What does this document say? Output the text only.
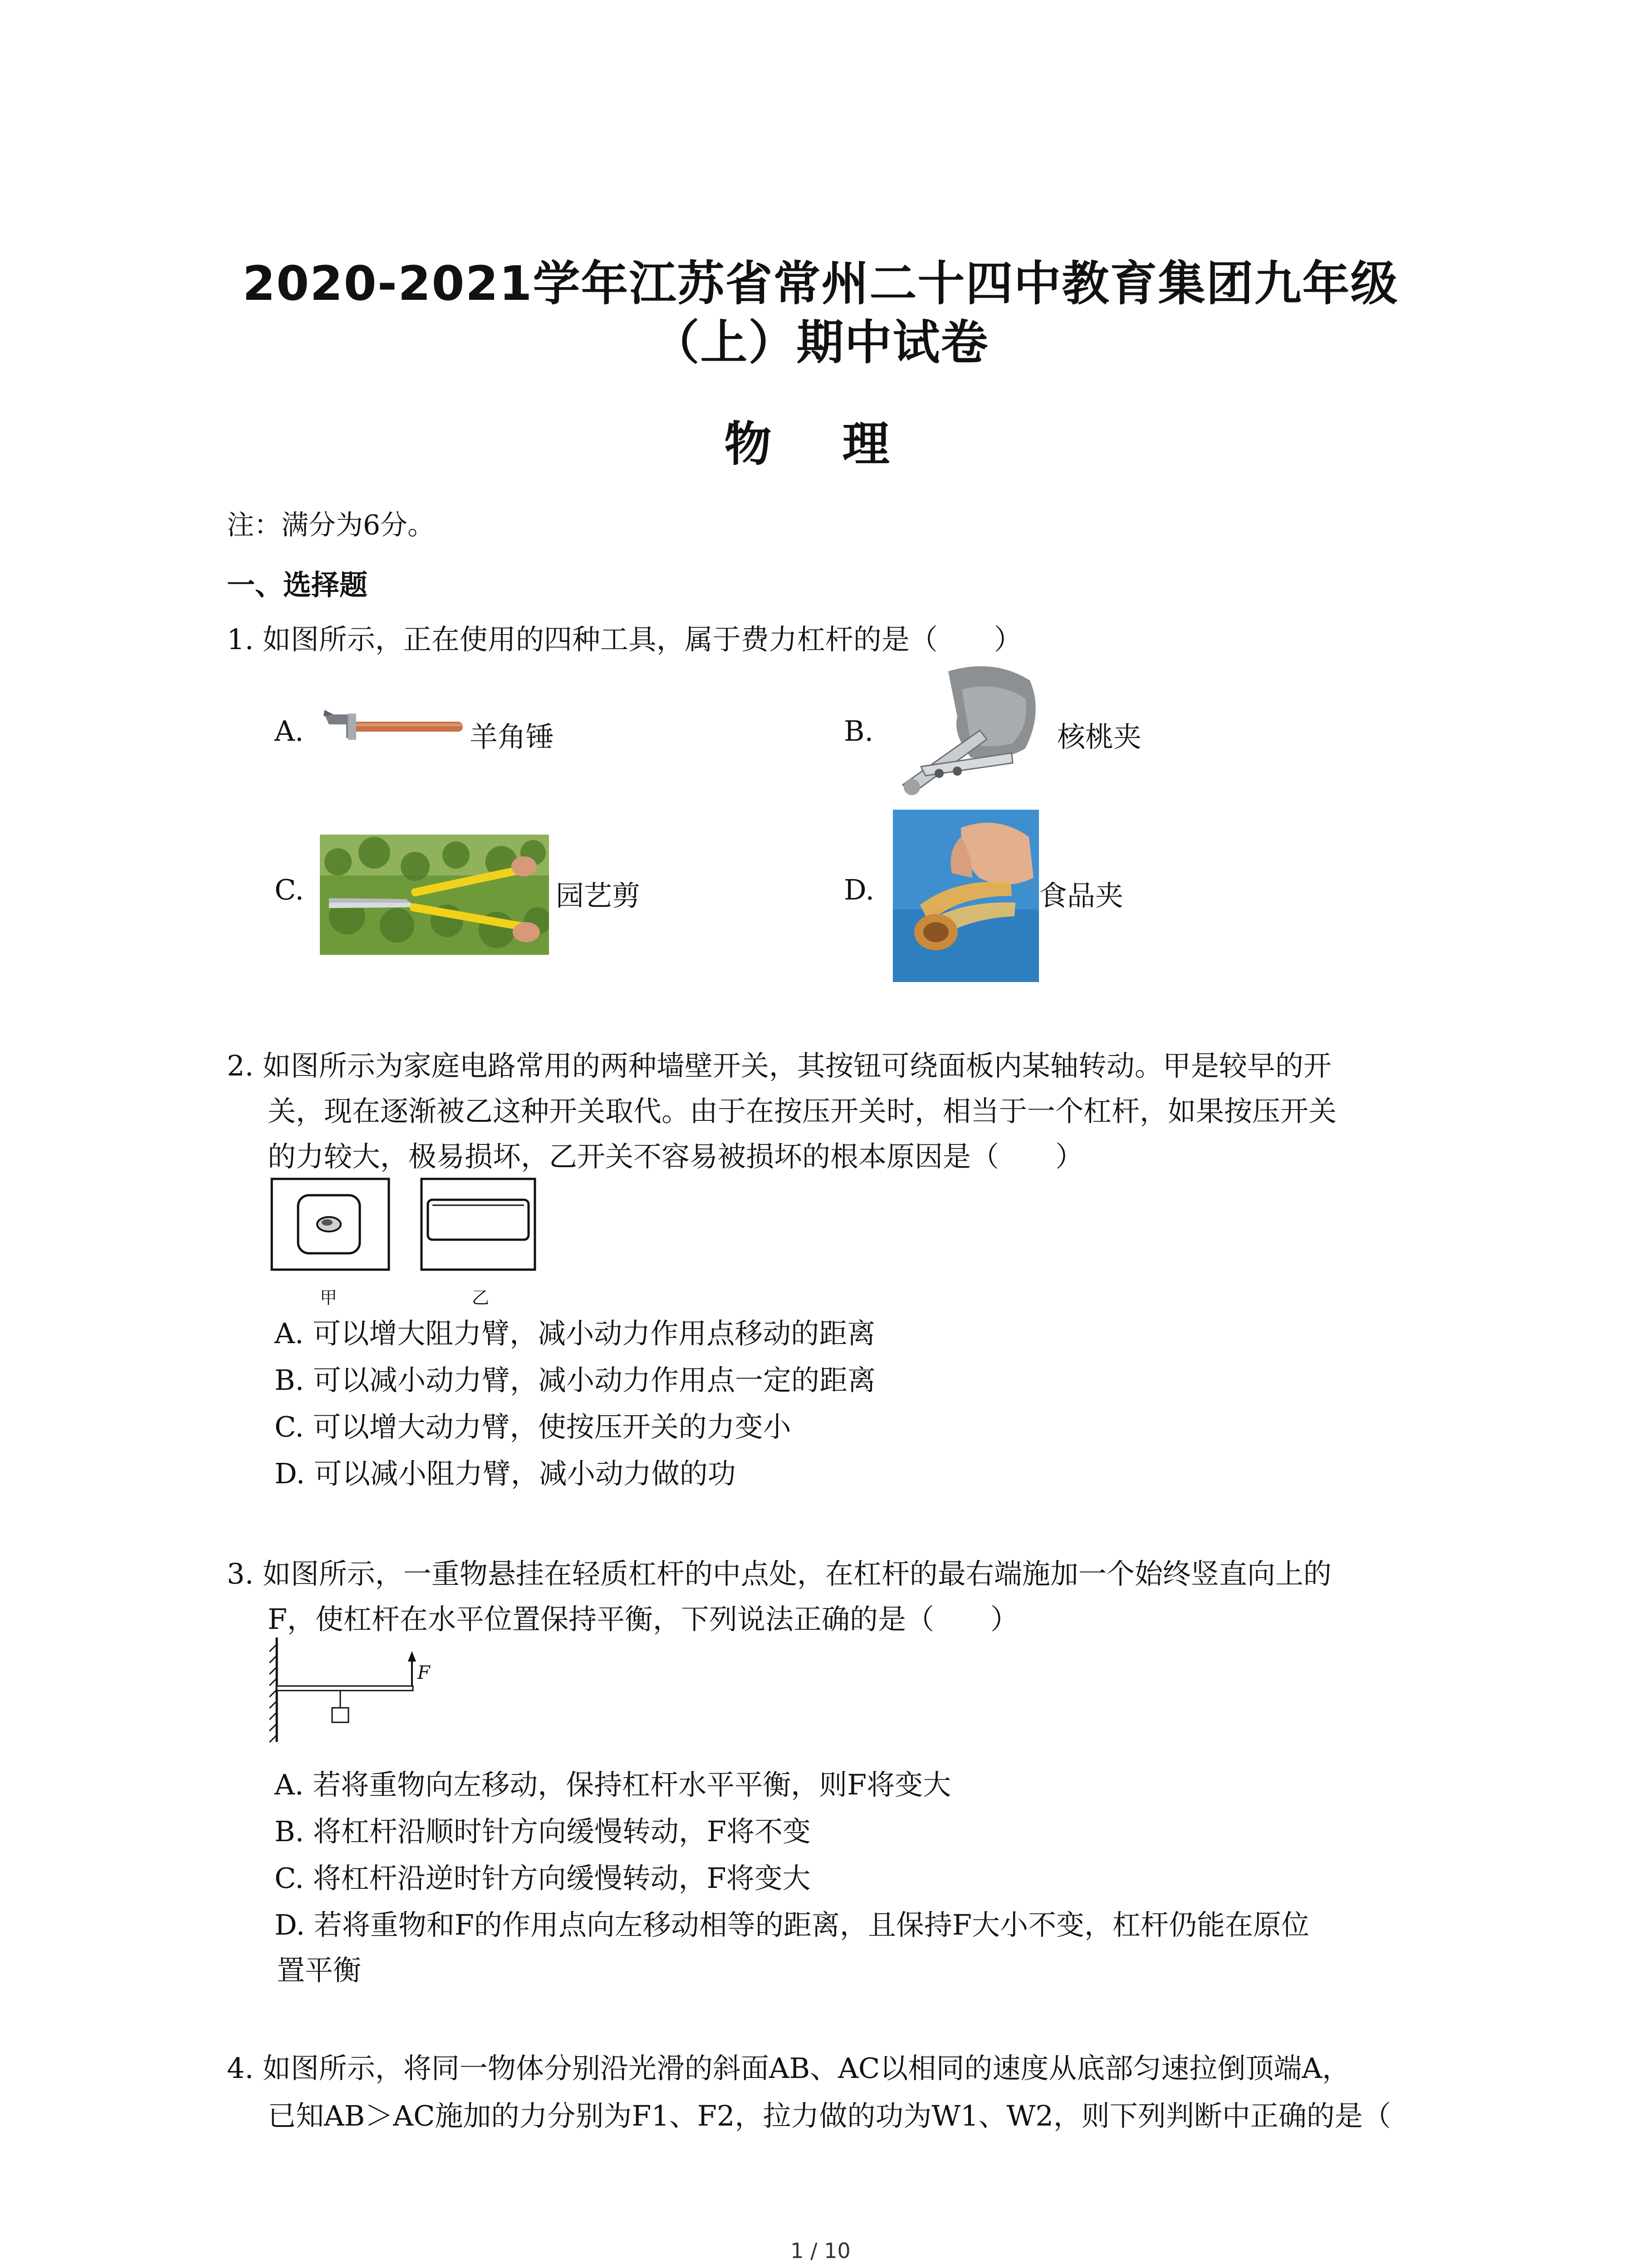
2020-2021学年江苏省常州二十四中教育集团九年级
（上）期中试卷
物 理
注：满分为6分。
一、选择题
1. 如图所示，正在使用的四种工具，属于费力杠杆的是（　　）
A.	羊角锤	B.	核桃夹
C.	园艺剪	D.	食品夹
2. 如图所示为家庭电路常用的两种墙壁开关，其按钮可绕面板内某轴转动。甲是较早的开
关，现在逐渐被乙这种开关取代。由于在按压开关时，相当于一个杠杆，如果按压开关
的力较大，极易损坏，乙开关不容易被损坏的根本原因是（　　）
甲	乙
A. 可以增大阻力臂，减小动力作用点移动的距离
B. 可以减小动力臂，减小动力作用点一定的距离
C. 可以增大动力臂，使按压开关的力变小
D. 可以减小阻力臂，减小动力做的功
3. 如图所示，一重物悬挂在轻质杠杆的中点处，在杠杆的最右端施加一个始终竖直向上的
F，使杠杆在水平位置保持平衡，下列说法正确的是（　　）
F
A. 若将重物向左移动，保持杠杆水平平衡，则F将变大
B. 将杠杆沿顺时针方向缓慢转动，F将不变
C. 将杠杆沿逆时针方向缓慢转动，F将变大
D. 若将重物和F的作用点向左移动相等的距离，且保持F大小不变，杠杆仍能在原位
置平衡
4. 如图所示，将同一物体分别沿光滑的斜面AB、AC以相同的速度从底部匀速拉倒顶端A，
已知AB＞AC施加的力分别为F1、F2，拉力做的功为W1、W2，则下列判断中正确的是（
1 / 10
